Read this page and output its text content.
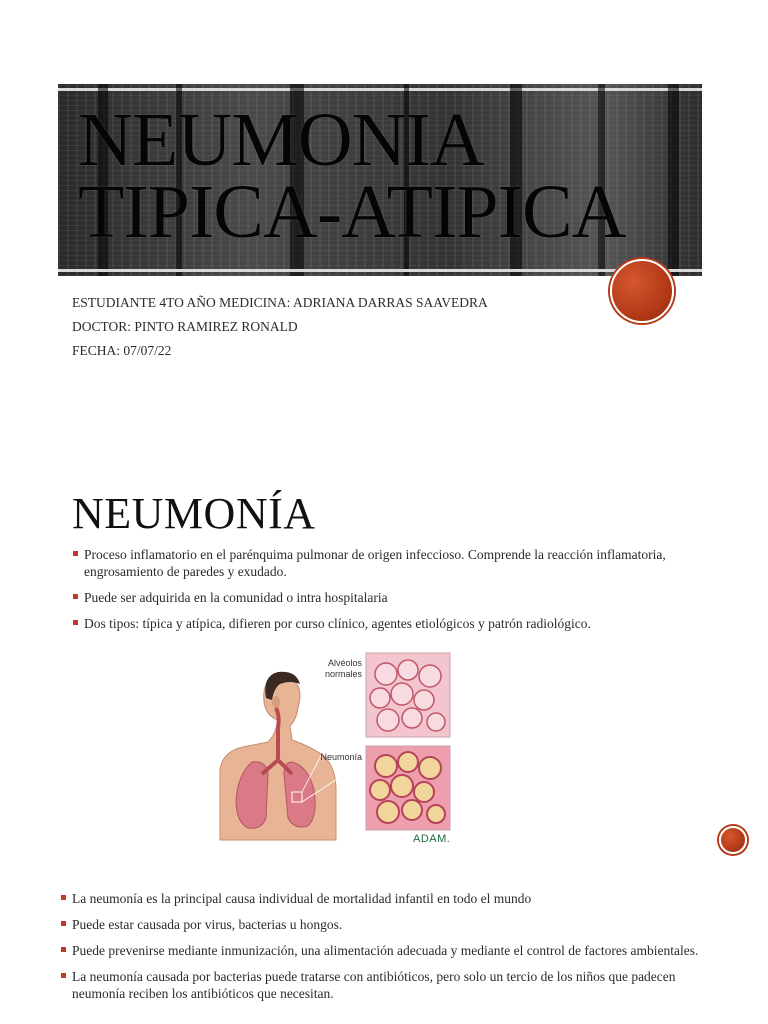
NEUMONIA
TIPICA-ATIPICA
ESTUDIANTE 4TO AÑO MEDICINA: ADRIANA DARRAS SAAVEDRA
DOCTOR: PINTO RAMIREZ RONALD
FECHA: 07/07/22
NEUMONÍA
Proceso inflamatorio en el parénquima pulmonar de origen infeccioso. Comprende la reacción inflamatoria, engrosamiento de paredes y exudado.
Puede ser adquirida en la comunidad o intra hospitalaria
Dos tipos: típica y atípica, difieren por curso clínico, agentes etiológicos y patrón radiológico.
Alvéolos normales
Neumonía
ADAM.
La neumonía es la principal causa individual de mortalidad infantil en todo el mundo
Puede estar causada por virus, bacterias u hongos.
Puede prevenirse mediante inmunización, una alimentación adecuada y mediante el control de factores ambientales.
La neumonía causada por bacterias puede tratarse con antibióticos, pero solo un tercio de los niños que padecen neumonía reciben los antibióticos que necesitan.
